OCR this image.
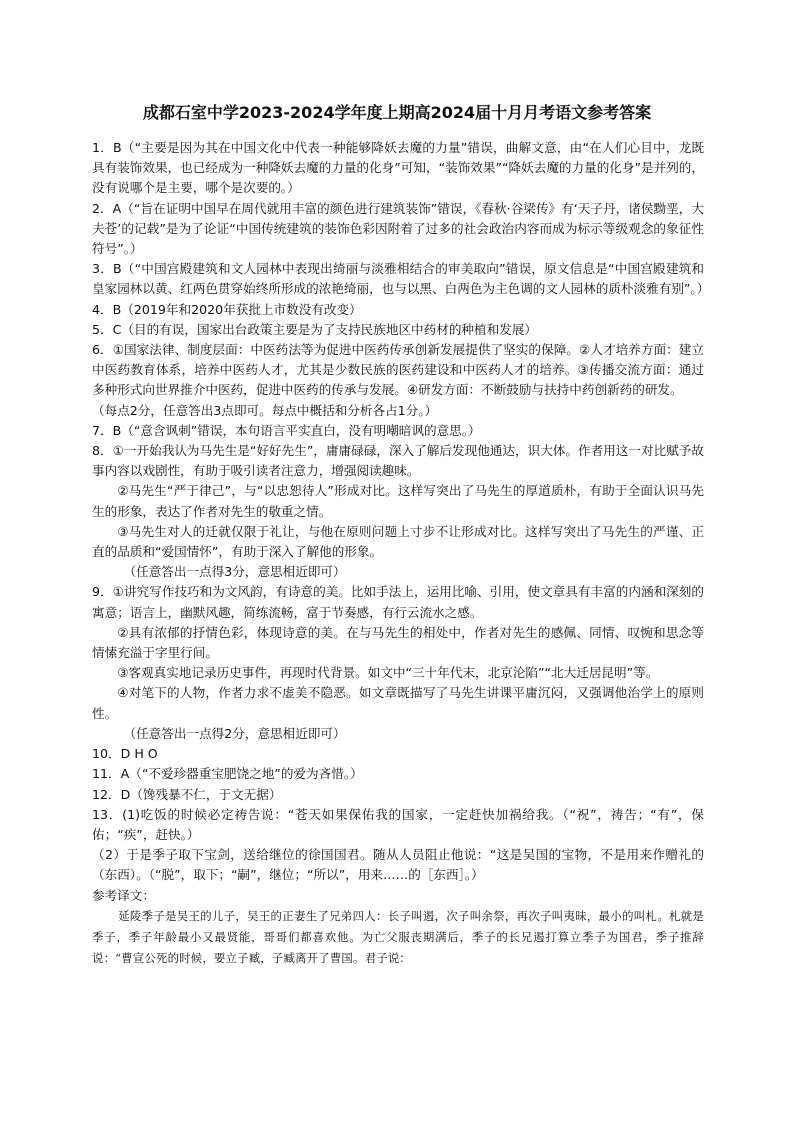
成都石室中学2023-2024学年度上期高2024届十月月考语文参考答案

1．B（“主要是因为其在中国文化中代表一种能够降妖去魔的力量”错误，曲解文意，由“在人们心目中，龙既具有装饰效果，也已经成为一种降妖去魔的力量的化身”可知，“装饰效果”“降妖去魔的力量的化身”是并列的，没有说哪个是主要，哪个是次要的。）

2．A（“旨在证明中国早在周代就用丰富的颜色进行建筑装饰”错误，《春秋·谷梁传》有‘天子丹，诸侯黝垩，大夫苍’的记载”是为了论证“中国传统建筑的装饰色彩因附着了过多的社会政治内容而成为标示等级观念的象征性符号”。）

3．B（“中国宫殿建筑和文人园林中表现出绮丽与淡雅相结合的审美取向”错误，原文信息是“中国宫殿建筑和皇家园林以黄、红两色贯穿始终所形成的浓艳绮丽，也与以黑、白两色为主色调的文人园林的质朴淡雅有别”。）

4．B（2019年和2020年获批上市数没有改变）

5．C（目的有误，国家出台政策主要是为了支持民族地区中药材的种植和发展）

6．①国家法律、制度层面：中医药法等为促进中医药传承创新发展提供了坚实的保障。②人才培养方面：建立中医药教育体系，培养中医药人才，尤其是少数民族的医药建设和中医药人才的培养。③传播交流方面：通过多种形式向世界推介中医药，促进中医药的传承与发展。④研发方面：不断鼓励与扶持中药创新药的研发。

（每点2分，任意答出3点即可。每点中概括和分析各占1分。）

7．B（“意含讽刺”错误，本句语言平实直白，没有明嘲暗讽的意思。）

8．①一开始我认为马先生是“好好先生”，庸庸碌碌，深入了解后发现他通达，识大体。作者用这一对比赋予故事内容以戏剧性，有助于吸引读者注意力，增强阅读趣味。

②马先生“严于律己”，与“以忠恕待人”形成对比。这样写突出了马先生的厚道质朴，有助于全面认识马先生的形象，表达了作者对先生的敬重之情。

③马先生对人的迁就仅限于礼让，与他在原则问题上寸步不让形成对比。这样写突出了马先生的严谨、正直的品质和“爱国情怀”，有助于深入了解他的形象。

（任意答出一点得3分，意思相近即可）

9．①讲究写作技巧和为文风韵，有诗意的美。比如手法上，运用比喻、引用，使文章具有丰富的内涵和深刻的寓意；语言上，幽默风趣，简练流畅，富于节奏感，有行云流水之感。

②具有浓郁的抒情色彩，体现诗意的美。在与马先生的相处中，作者对先生的感佩、同情、叹惋和思念等情愫充溢于字里行间。

③客观真实地记录历史事件，再现时代背景。如文中“三十年代末，北京沦陷”“北大迁居昆明”等。

④对笔下的人物，作者力求不虚美不隐恶。如文章既描写了马先生讲课平庸沉闷，又强调他治学上的原则性。

（任意答出一点得2分，意思相近即可）

10．D H O

11．A（“不爱珍器重宝肥饶之地”的爱为吝惜。）

12．D（馋残暴不仁，于文无据）

13．(1)吃饭的时候必定祷告说：“苍天如果保佑我的国家，一定赶快加祸给我。（“祝”，祷告；“有”，保佑；“疾”，赶快。）

（2）于是季子取下宝剑，送给继位的徐国国君。随从人员阻止他说：“这是吴国的宝物，不是用来作赠礼的（东西）。（“脱”，取下；“嗣”，继位；“所以”，用来……的［东西］。）

参考译文：

延陵季子是吴王的儿子，吴王的正妻生了兄弟四人：长子叫遏，次子叫余祭，再次子叫夷昧，最小的叫札。札就是季子，季子年龄最小又最贤能，哥哥们都喜欢他。为亡父服丧期满后，季子的长兄遏打算立季子为国君，季子推辞说：“曹宣公死的时候，要立子臧，子臧离开了曹国。君子说：
